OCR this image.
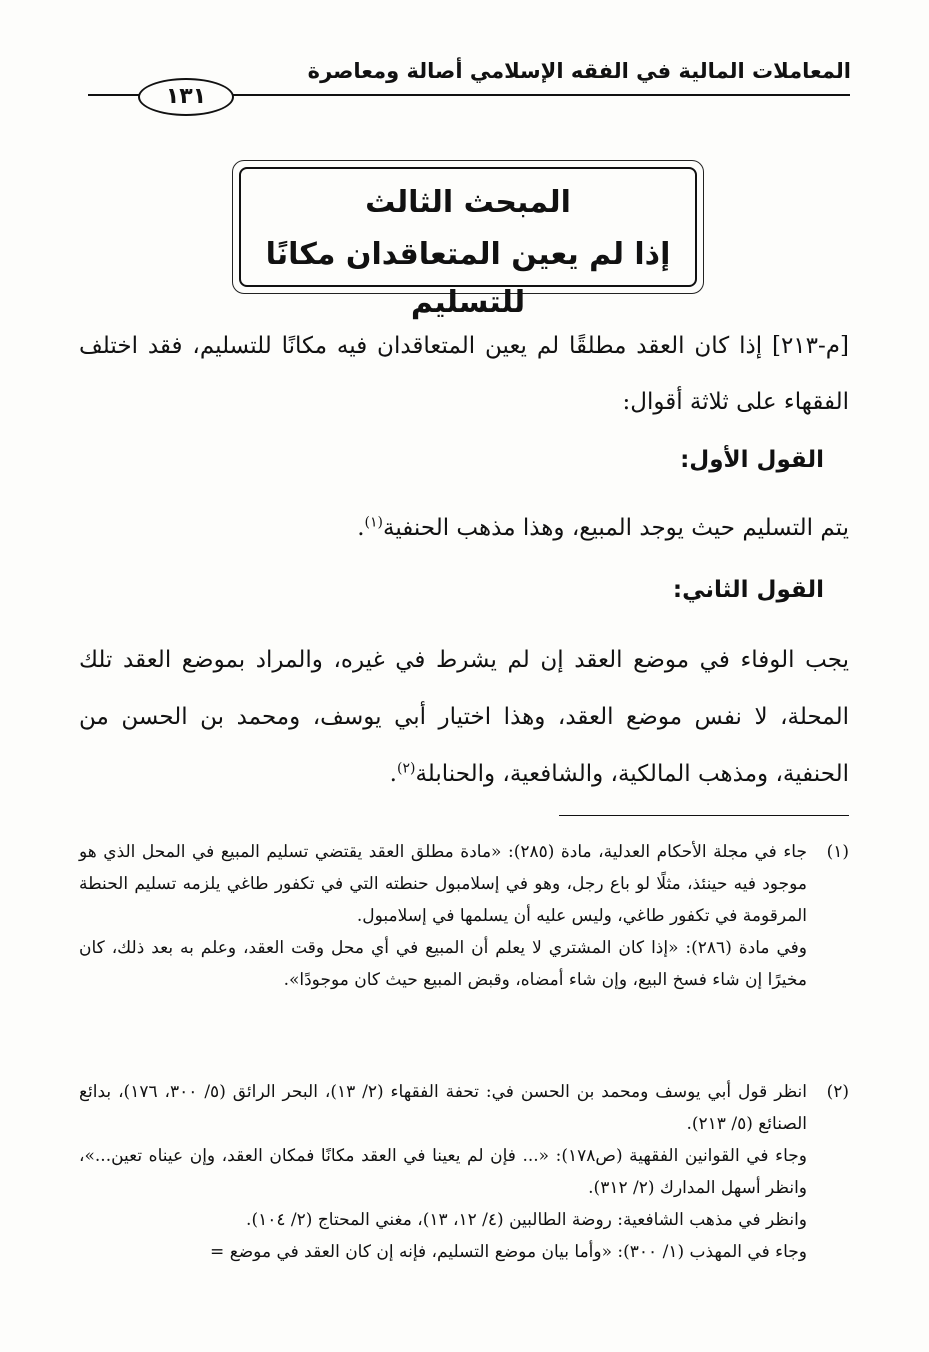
المعاملات المالية في الفقه الإسلامي أصالة ومعاصرة
١٣١
المبحث الثالث
إذا لم يعين المتعاقدان مكانًا للتسليم

[م-٢١٣] إذا كان العقد مطلقًا لم يعين المتعاقدان فيه مكانًا للتسليم، فقد اختلف الفقهاء على ثلاثة أقوال:

القول الأول:

يتم التسليم حيث يوجد المبيع، وهذا مذهب الحنفية$^{(١)}$.

القول الثاني:

يجب الوفاء في موضع العقد إن لم يشرط في غيره، والمراد بموضع العقد تلك المحلة، لا نفس موضع العقد، وهذا اختيار أبي يوسف، ومحمد بن الحسن من الحنفية، ومذهب المالكية، والشافعية، والحنابلة$^{(٢)}$.

(١)
جاء في مجلة الأحكام العدلية، مادة (٢٨٥): «مادة مطلق العقد يقتضي تسليم المبيع في المحل الذي هو موجود فيه حينئذ، مثلًا لو باع رجل، وهو في إسلامبول حنطته التي في تكفور طاغي يلزمه تسليم الحنطة المرقومة في تكفور طاغي، وليس عليه أن يسلمها في إسلامبول.
وفي مادة (٢٨٦): «إذا كان المشتري لا يعلم أن المبيع في أي محل وقت العقد، وعلم به بعد ذلك، كان مخيرًا إن شاء فسخ البيع، وإن شاء أمضاه، وقبض المبيع حيث كان موجودًا».
(٢)
انظر قول أبي يوسف ومحمد بن الحسن في: تحفة الفقهاء (٢/ ١٣)، البحر الرائق (٥/ ٣٠٠، ١٧٦)، بدائع الصنائع (٥/ ٢١٣).
وجاء في القوانين الفقهية (ص١٧٨): «... فإن لم يعينا في العقد مكانًا فمكان العقد، وإن عيناه تعين...»، وانظر أسهل المدارك (٢/ ٣١٢).
وانظر في مذهب الشافعية: روضة الطالبين (٤/ ١٢، ١٣)، مغني المحتاج (٢/ ١٠٤).
وجاء في المهذب (١/ ٣٠٠): «وأما بيان موضع التسليم، فإنه إن كان العقد في موضع =
